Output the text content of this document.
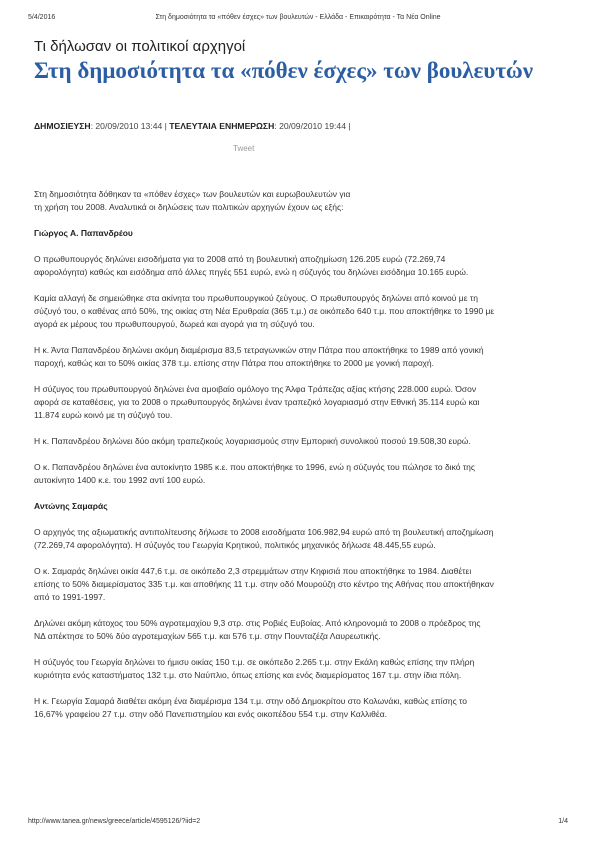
5/4/2016	Στη δημοσιότητα τα «πόθεν έσχες» των βουλευτών - Ελλάδα - Επικαιρότητα - Τα Νέα Online
Τι δήλωσαν οι πολιτικοί αρχηγοί
Στη δημοσιότητα τα «πόθεν έσχες» των βουλευτών
ΔΗΜΟΣΙΕΥΣΗ: 20/09/2010 13:44 | ΤΕΛΕΥΤΑΙΑ ΕΝΗΜΕΡΩΣΗ: 20/09/2010 19:44 |
Tweet

Στη δημοσιότητα δόθηκαν τα «πόθεν έσχες» των βουλευτών και ευρωβουλευτών για
τη χρήση του 2008. Αναλυτικά οι δηλώσεις των πολιτικών αρχηγών έχουν ως εξής:

Γιώργος Α. Παπανδρέου

Ο πρωθυπουργός δηλώνει εισοδήματα για το 2008 από τη βουλευτική αποζημίωση 126.205 ευρώ (72.269,74
αφορολόγητα) καθώς και εισόδημα από άλλες πηγές 551 ευρώ, ενώ η σύζυγός του δηλώνει εισόδημα 10.165 ευρώ.

Καμία αλλαγή δε σημειώθηκε στα ακίνητα του πρωθυπουργικού ζεύγους. Ο πρωθυπουργός δηλώνει από κοινού με τη
σύζυγό του, ο καθένας από 50%, της οικίας στη Νέα Ερυθραία (365 τ.μ.) σε οικόπεδο 640 τ.μ. που αποκτήθηκε το 1990 με
αγορά εκ μέρους του πρωθυπουργού, δωρεά και αγορά για τη σύζυγό του.

Η κ. Άντα Παπανδρέου δηλώνει ακόμη διαμέρισμα 83,5 τετραγωνικών στην Πάτρα που αποκτήθηκε το 1989 από γονική
παροχή, καθώς και το 50% οικίας 378 τ.μ. επίσης στην Πάτρα που αποκτήθηκε το 2000 με γονική παροχή.

Η σύζυγος του πρωθυπουργού δηλώνει ένα αμοιβαίο ομόλογο της Άλφα Τράπεζας αξίας κτήσης 228.000 ευρώ. Όσον
αφορά σε καταθέσεις, για το 2008 ο πρωθυπουργός δηλώνει έναν τραπεζικό λογαριασμό στην Εθνική 35.114 ευρώ και
11.874 ευρώ κοινό με τη σύζυγό του.

Η κ. Παπανδρέου δηλώνει δύο ακόμη τραπεζικούς λογαριασμούς στην Εμπορική συνολικού ποσού 19.508,30 ευρώ.

Ο κ. Παπανδρέου δηλώνει ένα αυτοκίνητο 1985 κ.ε. που αποκτήθηκε το 1996, ενώ η σύζυγός του πώλησε το δικό της
αυτοκίνητο 1400 κ.ε. του 1992 αντί 100 ευρώ.

Αντώνης Σαμαράς

Ο αρχηγός της αξιωματικής αντιπολίτευσης δήλωσε το 2008 εισοδήματα 106.982,94 ευρώ από τη βουλευτική αποζημίωση
(72.269,74 αφορολόγητα). Η σύζυγός του Γεωργία Κρητικού, πολιτικός μηχανικός δήλωσε 48.445,55 ευρώ.

Ο κ. Σαμαράς δηλώνει οικία 447,6 τ.μ. σε οικόπεδο 2,3 στρεμμάτων στην Κηφισιά που αποκτήθηκε το 1984. Διαθέτει
επίσης το 50% διαμερίσματος 335 τ.μ. και αποθήκης 11 τ.μ. στην οδό Μουρούζη στο κέντρο της Αθήνας που αποκτήθηκαν
από το 1991-1997.

Δηλώνει ακόμη κάτοχος του 50% αγροτεμαχίου 9,3 στρ. στις Ροβιές Ευβοίας. Από κληρονομιά το 2008 ο πρόεδρος της
ΝΔ απέκτησε το 50% δύο αγροτεμαχίων 565 τ.μ. και 576 τ.μ. στην Πουνταζέζα Λαυρεωτικής.

Η σύζυγός του Γεωργία δηλώνει το ήμισυ οικίας 150 τ.μ. σε οικόπεδο 2.265 τ.μ. στην Εκάλη καθώς επίσης την πλήρη
κυριότητα ενός καταστήματος 132 τ.μ. στο Ναύπλιο, όπως επίσης και ενός διαμερίσματος 167 τ.μ. στην ίδια πόλη.

Η κ. Γεωργία Σαμαρά διαθέτει ακόμη ένα διαμέρισμα 134 τ.μ. στην οδό Δημοκρίτου στο Κολωνάκι, καθώς επίσης το
16,67% γραφείου 27 τ.μ. στην οδό Πανεπιστημίου και ενός οικοπέδου 554 τ.μ. στην Καλλιθέα.

http://www.tanea.gr/news/greece/article/4595126/?iid=2	1/4
